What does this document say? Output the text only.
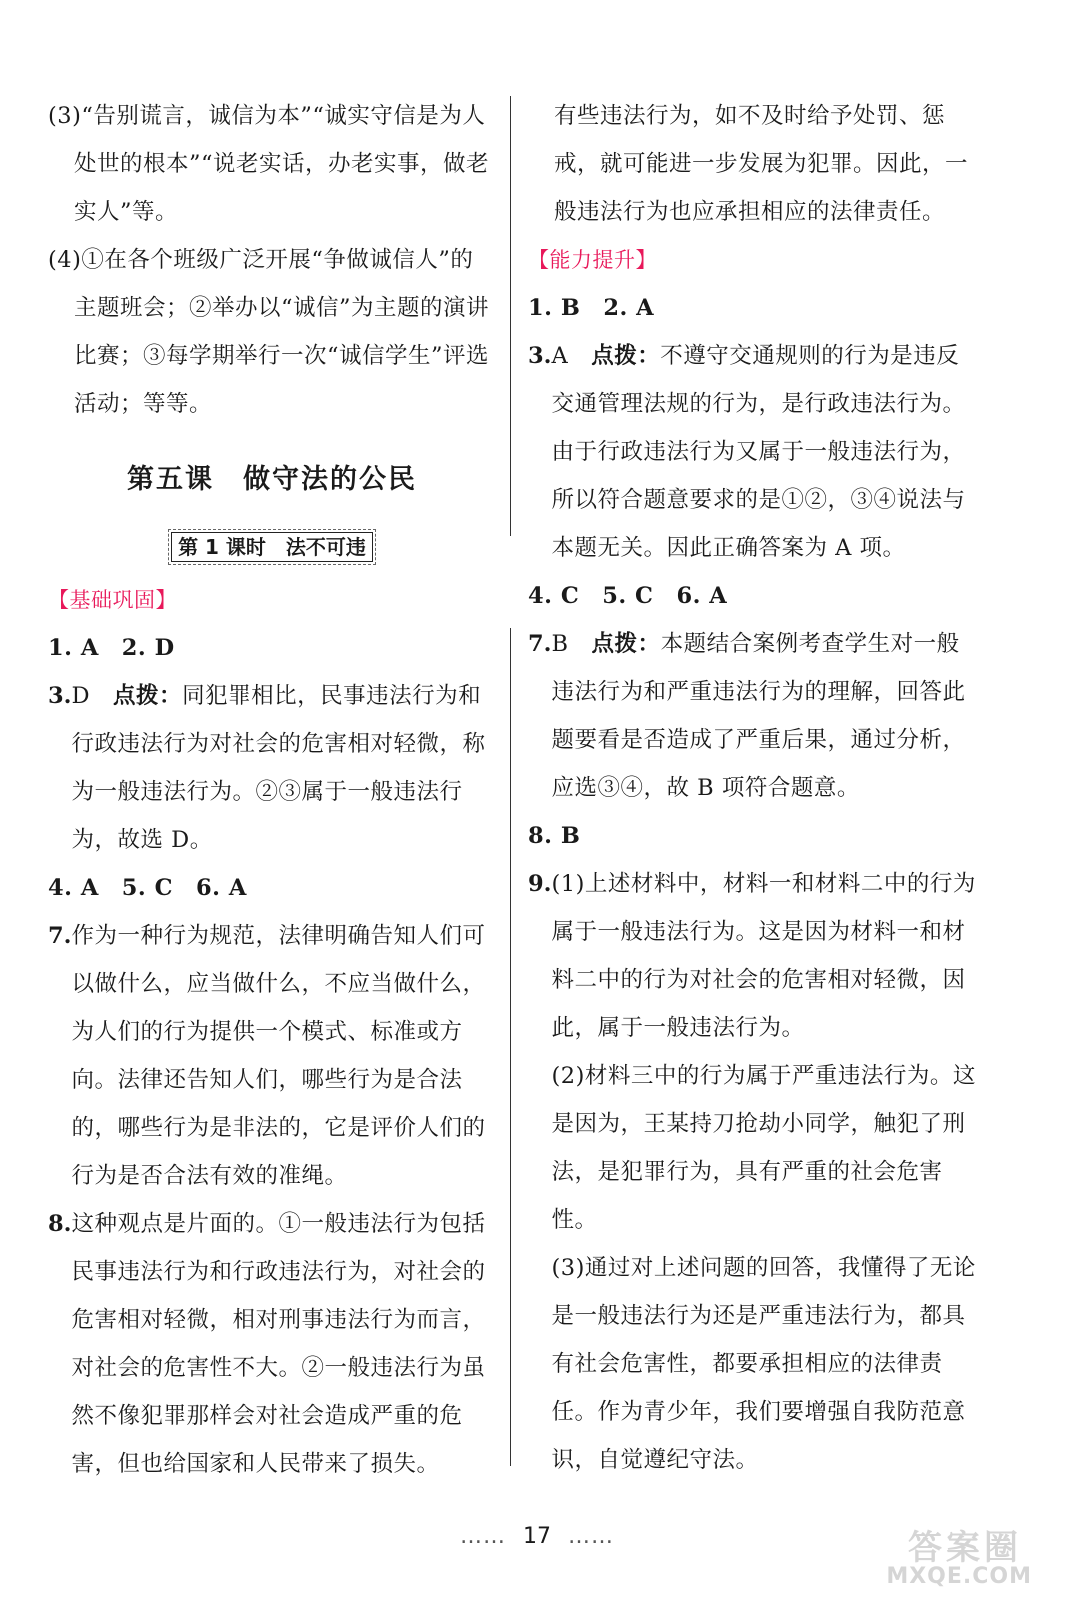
(3)“告别谎言，诚信为本”“诚实守信是为人处世的根本”“说老实话，办老实事，做老实人”等。

(4)①在各个班级广泛开展“争做诚信人”的主题班会；②举办以“诚信”为主题的演讲比赛；③每学期举行一次“诚信学生”评选活动；等等。

第五课　做守法的公民
第 1 课时　法不可违

【基础巩固】

1. A　2. D

3. D　点拨：同犯罪相比，民事违法行为和行政违法行为对社会的危害相对轻微，称为一般违法行为。②③属于一般违法行为，故选 D。

4. A　5. C　6. A

7. 作为一种行为规范，法律明确告知人们可以做什么，应当做什么，不应当做什么，为人们的行为提供一个模式、标准或方向。法律还告知人们，哪些行为是合法的，哪些行为是非法的，它是评价人们的行为是否合法有效的准绳。
8. 这种观点是片面的。①一般违法行为包括民事违法行为和行政违法行为，对社会的危害相对轻微，相对刑事违法行为而言，对社会的危害性不大。②一般违法行为虽然不像犯罪那样会对社会造成严重的危害，但也给国家和人民带来了损失。

有些违法行为，如不及时给予处罚、惩戒，就可能进一步发展为犯罪。因此，一般违法行为也应承担相应的法律责任。

【能力提升】

1. B　2. A

3. A　点拨：不遵守交通规则的行为是违反交通管理法规的行为，是行政违法行为。由于行政违法行为又属于一般违法行为，所以符合题意要求的是①②，③④说法与本题无关。因此正确答案为 A 项。

4. C　5. C　6. A

7. B　点拨：本题结合案例考查学生对一般违法行为和严重违法行为的理解，回答此题要看是否造成了严重后果，通过分析，应选③④，故 B 项符合题意。

8. B

9. (1)上述材料中，材料一和材料二中的行为属于一般违法行为。这是因为材料一和材料二中的行为对社会的危害相对轻微，因此，属于一般违法行为。
(2)材料三中的行为属于严重违法行为。这是因为，王某持刀抢劫小同学，触犯了刑法，是犯罪行为，具有严重的社会危害性。
(3)通过对上述问题的回答，我懂得了无论是一般违法行为还是严重违法行为，都具有社会危害性，都要承担相应的法律责任。作为青少年，我们要增强自我防范意识，自觉遵纪守法。
…… 17 ……	答案圈
MXQE.COM
